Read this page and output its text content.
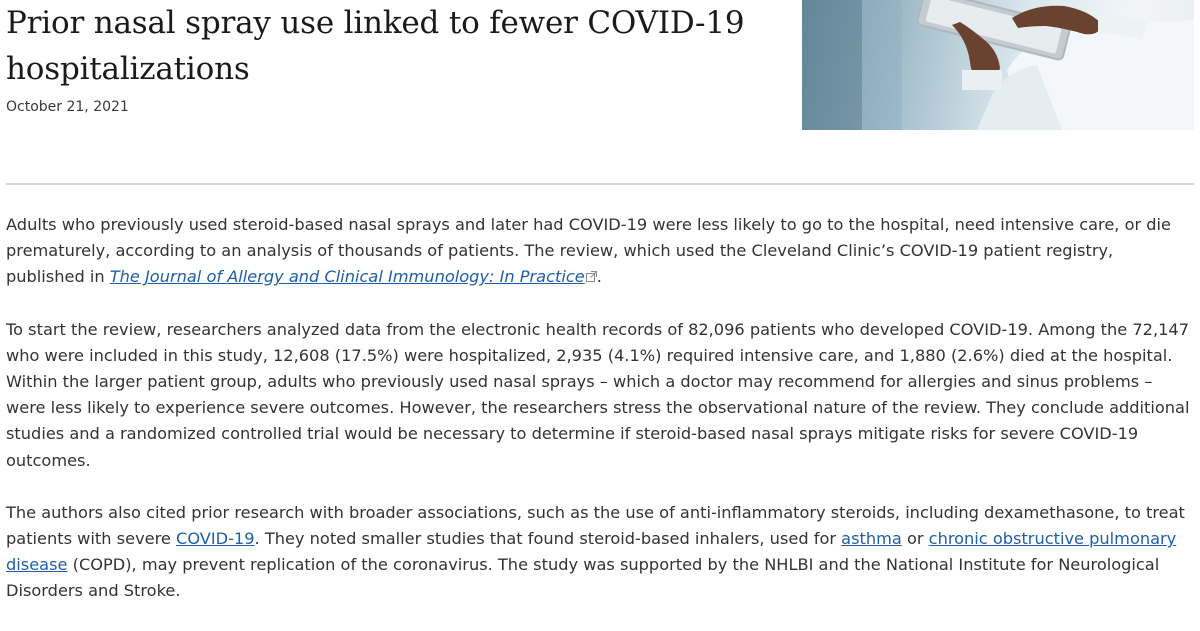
Prior nasal spray use linked to fewer COVID-19 hospitalizations
October 21, 2021

Adults who previously used steroid-based nasal sprays and later had COVID-19 were less likely to go to the hospital, need intensive care, or die prematurely, according to an analysis of thousands of patients. The review, which used the Cleveland Clinic’s COVID-19 patient registry, published in The Journal of Allergy and Clinical Immunology: In Practice .

To start the review, researchers analyzed data from the electronic health records of 82,096 patients who developed COVID-19. Among the 72,147 who were included in this study, 12,608 (17.5%) were hospitalized, 2,935 (4.1%) required intensive care, and 1,880 (2.6%) died at the hospital. Within the larger patient group, adults who previously used nasal sprays – which a doctor may recommend for allergies and sinus problems – were less likely to experience severe outcomes. However, the researchers stress the observational nature of the review. They conclude additional studies and a randomized controlled trial would be necessary to determine if steroid-based nasal sprays mitigate risks for severe COVID-19 outcomes.

The authors also cited prior research with broader associations, such as the use of anti-inflammatory steroids, including dexamethasone, to treat patients with severe COVID-19. They noted smaller studies that found steroid-based inhalers, used for asthma or chronic obstructive pulmonary disease (COPD), may prevent replication of the coronavirus. The study was supported by the NHLBI and the National Institute for Neurological Disorders and Stroke.
